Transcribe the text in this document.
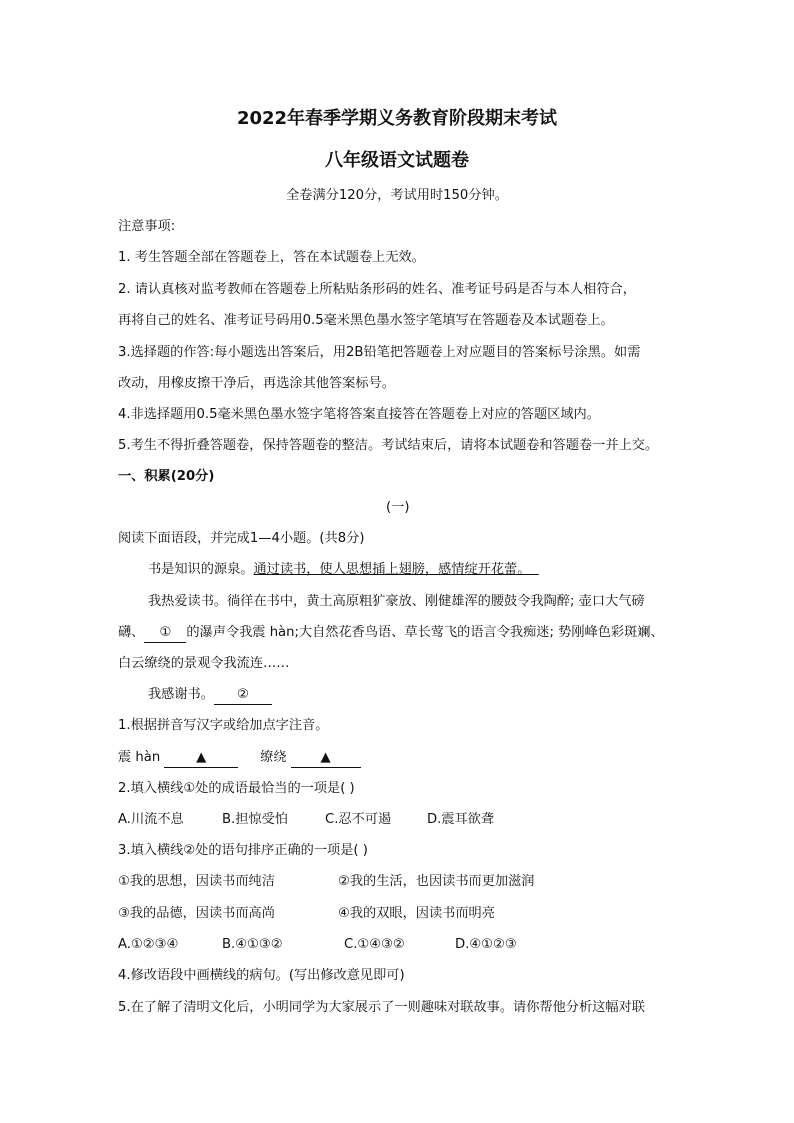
2022年春季学期义务教育阶段期末考试
八年级语文试题卷
全卷满分120分，考试用时150分钟。
注意事项:
1. 考生答题全部在答题卷上，答在本试题卷上无效。
2. 请认真核对监考教师在答题卷上所粘贴条形码的姓名、准考证号码是否与本人相符合，
再将自己的姓名、准考证号码用0.5毫米黑色墨水签字笔填写在答题卷及本试题卷上。
3.选择题的作答:每小题选出答案后，用2B铅笔把答题卷上对应题目的答案标号涂黑。如需
改动，用橡皮擦干净后，再选涂其他答案标号。
4.非选择题用0.5毫米黑色墨水签字笔将答案直接答在答题卷上对应的答题区域内。
5.考生不得折叠答题卷，保持答题卷的整洁。考试结束后，请将本试题卷和答题卷一并上交。
一、积累(20分)
(一)
阅读下面语段，并完成1—4小题。(共8分)
书是知识的源泉。通过读书，使人思想插上翅膀，感情绽开花蕾。
我热爱读书。徜徉在书中，黄土高原粗犷豪放、刚健雄浑的腰鼓令我陶醉; 壶口大气磅
礴、 ① 的瀑声令我震 hàn;大自然花香鸟语、草长莺飞的语言令我痴迷; 势刚峰色彩斑斓、
白云缭绕的景观令我流连……
我感谢书。 ②
1.根据拼音写汉字或给加点字注音。
震 hàn	▲	缭绕	▲
2.填入横线①处的成语最恰当的一项是( )
A.川流不息	B.担惊受怕	C.忍不可遏	D.震耳欲聋
3.填入横线②处的语句排序正确的一项是( )
①我的思想，因读书而纯洁	②我的生活，也因读书而更加滋润
③我的品德，因读书而高尚	④我的双眼，因读书而明亮
A.①②③④	B.④①③②	C.①④③②	D.④①②③
4.修改语段中画横线的病句。(写出修改意见即可)
5.在了解了清明文化后，小明同学为大家展示了一则趣味对联故事。请你帮他分析这幅对联
